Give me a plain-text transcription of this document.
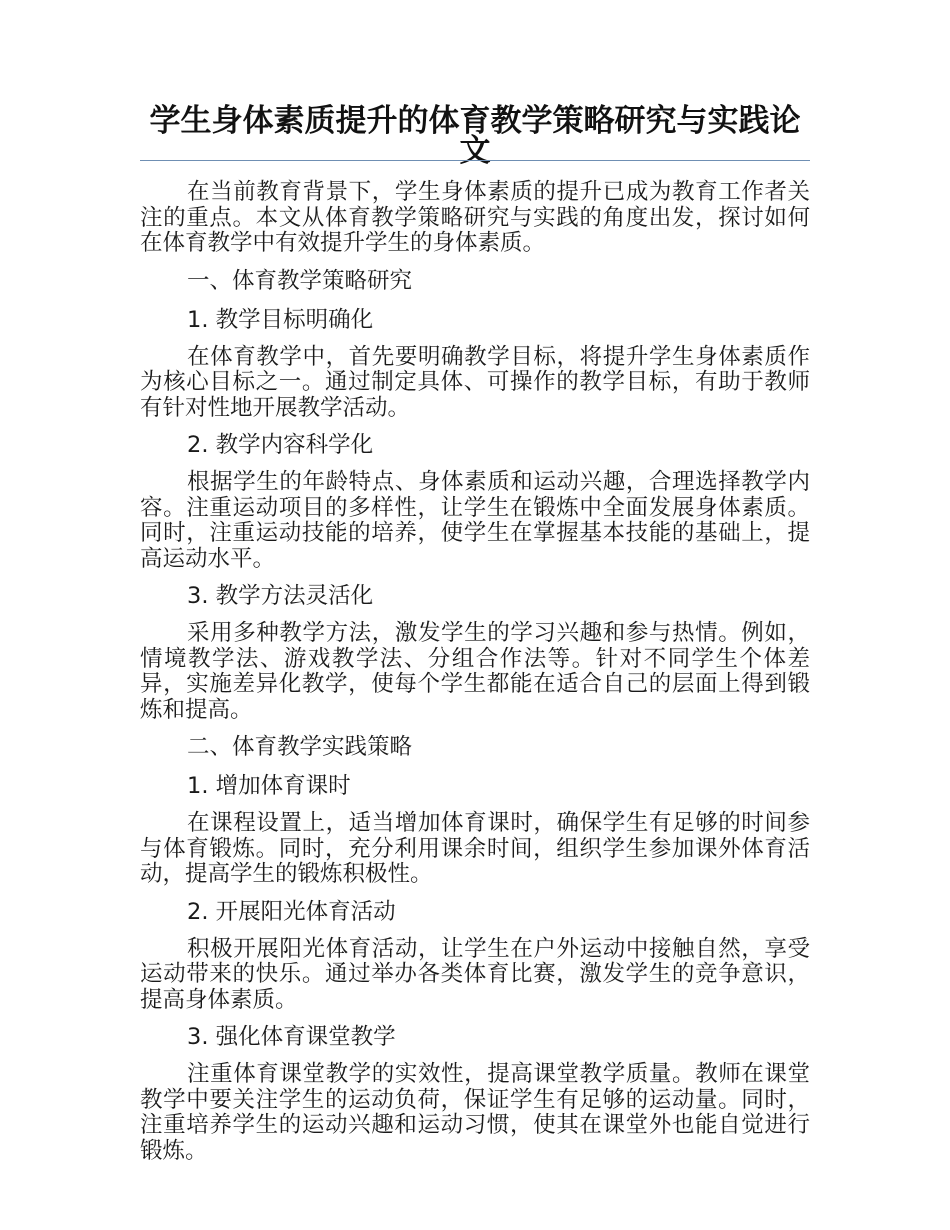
学生身体素质提升的体育教学策略研究与实践论文

在当前教育背景下，学生身体素质的提升已成为教育工作者关注的重点。本文从体育教学策略研究与实践的角度出发，探讨如何在体育教学中有效提升学生的身体素质。

一、体育教学策略研究

1. 教学目标明确化

在体育教学中，首先要明确教学目标，将提升学生身体素质作为核心目标之一。通过制定具体、可操作的教学目标，有助于教师有针对性地开展教学活动。

2. 教学内容科学化

根据学生的年龄特点、身体素质和运动兴趣，合理选择教学内容。注重运动项目的多样性，让学生在锻炼中全面发展身体素质。同时，注重运动技能的培养，使学生在掌握基本技能的基础上，提高运动水平。

3. 教学方法灵活化

采用多种教学方法，激发学生的学习兴趣和参与热情。例如，情境教学法、游戏教学法、分组合作法等。针对不同学生个体差异，实施差异化教学，使每个学生都能在适合自己的层面上得到锻炼和提高。

二、体育教学实践策略

1. 增加体育课时

在课程设置上，适当增加体育课时，确保学生有足够的时间参与体育锻炼。同时，充分利用课余时间，组织学生参加课外体育活动，提高学生的锻炼积极性。

2. 开展阳光体育活动

积极开展阳光体育活动，让学生在户外运动中接触自然，享受运动带来的快乐。通过举办各类体育比赛，激发学生的竞争意识，提高身体素质。

3. 强化体育课堂教学

注重体育课堂教学的实效性，提高课堂教学质量。教师在课堂教学中要关注学生的运动负荷，保证学生有足够的运动量。同时，注重培养学生的运动兴趣和运动习惯，使其在课堂外也能自觉进行锻炼。
